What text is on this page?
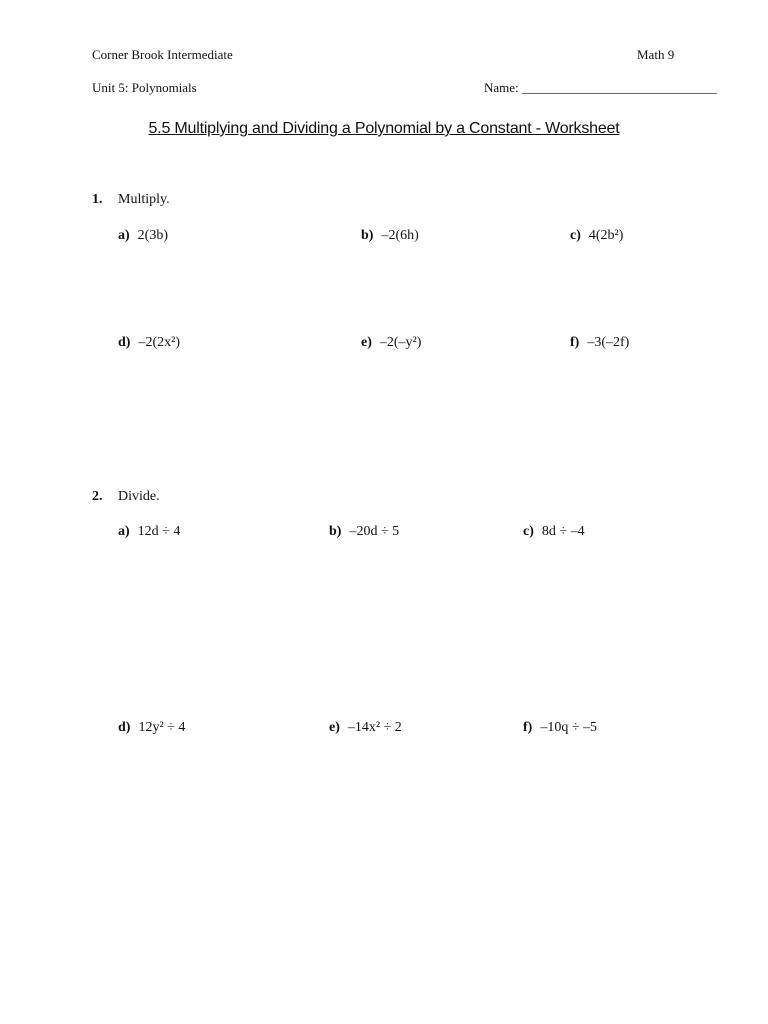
Corner Brook Intermediate	Math 9
Unit 5: Polynomials	Name: ______________________________
5.5 Multiplying and Dividing a Polynomial by a Constant - Worksheet
1. Multiply.
a) 2(3b)	b) –2(6h)	c) 4(2b²)
d) –2(2x²)	e) –2(–y²)	f) –3(–2f)
2. Divide.
a) 12d ÷ 4	b) –20d ÷ 5	c) 8d ÷ –4
d) 12y² ÷ 4	e) –14x² ÷ 2	f) –10q ÷ –5
